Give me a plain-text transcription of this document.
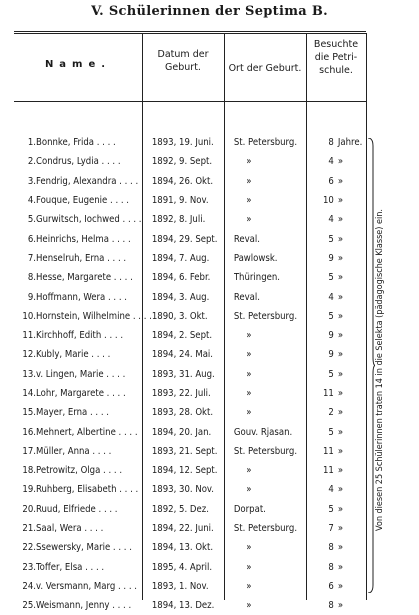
V. Schülerinnen der Septima B.
Name.
Datum der Geburt.	Ort der Geburt.
Besuchte die Petri-schule.
1.	Bonnke, Frida . . . .	1893, 19. Juni.	St. Petersburg.	8 Jahre.
2.	Condrus, Lydia . . . .	1892, 9. Sept.	»	4 »
3.	Fendrig, Alexandra . . . .	1894, 26. Okt.	»	6 »
4.	Fouque, Eugenie . . . .	1891, 9. Nov.	»	10 »
5.	Gurwitsch, Iochwed . . . .	1892, 8. Juli.	»	4 »
6.	Heinrichs, Helma . . . .	1894, 29. Sept.	Reval.	5 »
7.	Henselruh, Erna . . . .	1894, 7. Aug.	Pawlowsk.	9 »
8.	Hesse, Margarete . . . .	1894, 6. Febr.	Thüringen.	5 »
9.	Hoffmann, Wera . . . .	1894, 3. Aug.	Reval.	4 »
10.	Hornstein, Wilhelmine . . . .	1890, 3. Okt.	St. Petersburg.	5 »
11.	Kirchhoff, Edith . . . .	1894, 2. Sept.	»	9 »
12.	Kubly, Marie . . . .	1894, 24. Mai.	»	9 »
13.	v. Lingen, Marie . . . .	1893, 31. Aug.	»	5 »
14.	Lohr, Margarete . . . .	1893, 22. Juli.	»	11 »
15.	Mayer, Erna . . . .	1893, 28. Okt.	»	2 »
16.	Mehnert, Albertine . . . .	1894, 20. Jan.	Gouv. Rjasan.	5 »
17.	Müller, Anna . . . .	1893, 21. Sept.	St. Petersburg.	11 »
18.	Petrowitz, Olga . . . .	1894, 12. Sept.	»	11 »
19.	Ruhberg, Elisabeth . . . .	1893, 30. Nov.	»	4 »
20.	Ruud, Elfriede . . . .	1892, 5. Dez.	Dorpat.	5 »
21.	Saal, Wera . . . .	1894, 22. Juni.	St. Petersburg.	7 »
22.	Ssewersky, Marie . . . .	1894, 13. Okt.	»	8 »
23.	Toffer, Elsa . . . .	1895, 4. April.	»	8 »
24.	v. Versmann, Marg . . . .	1893, 1. Nov.	»	6 »
25.	Weismann, Jenny . . . .	1894, 13. Dez.	»	8 »
Von diesen 25 Schülerinnen traten 14 in die Selekta (pädagogische Klasse) ein.
